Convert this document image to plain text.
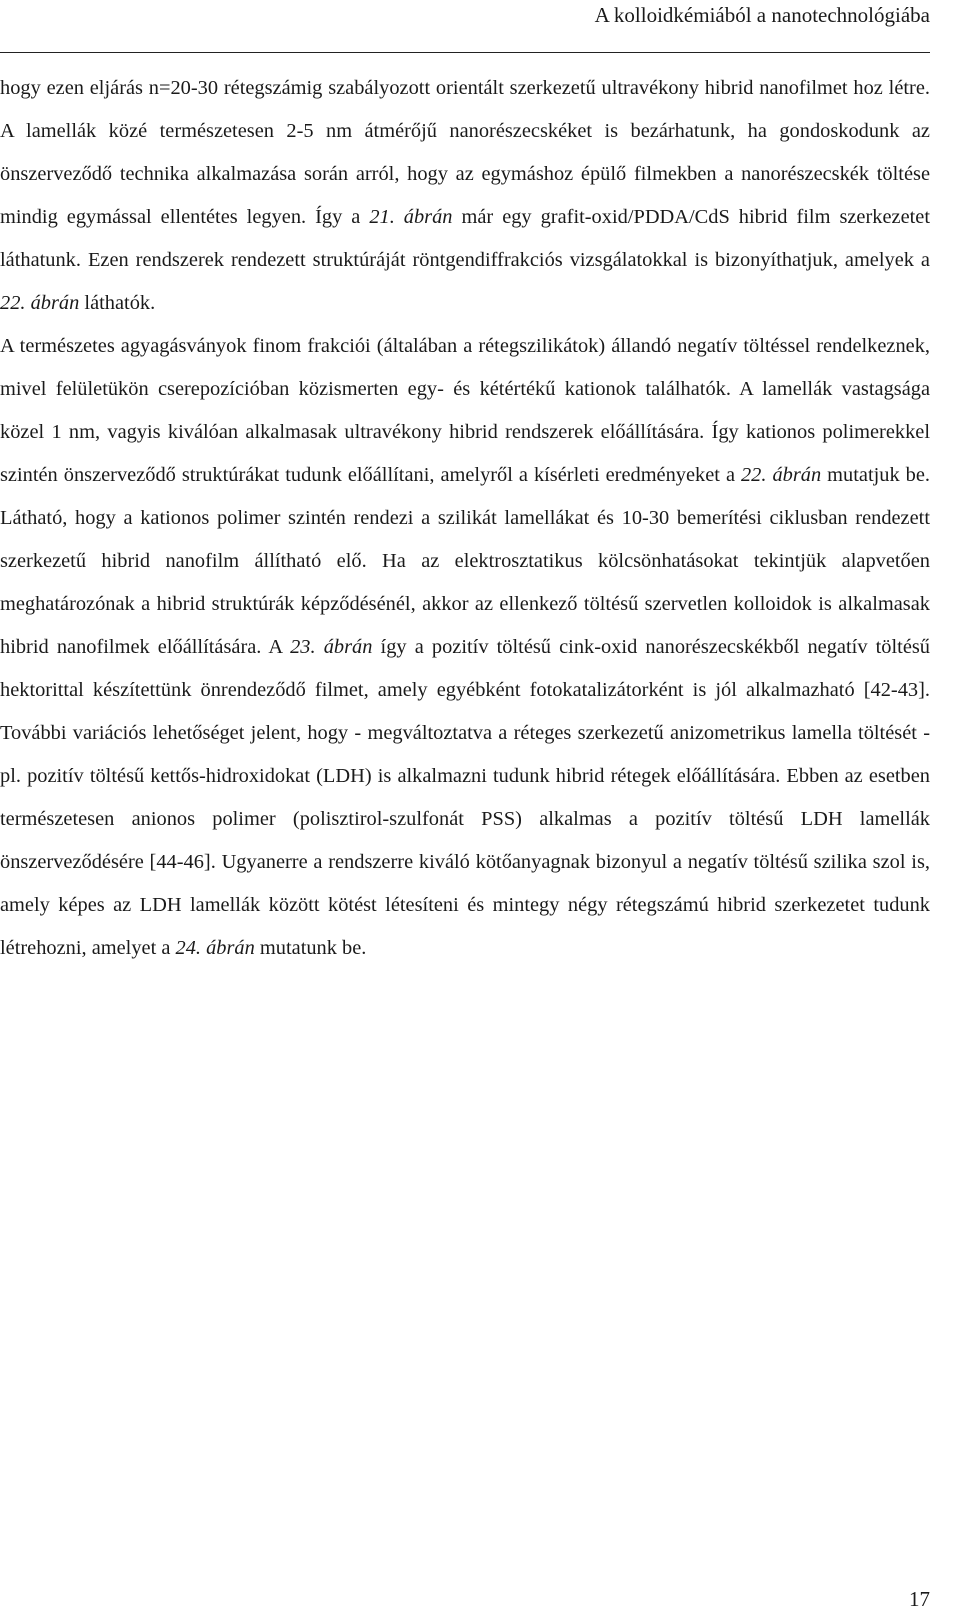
A kolloidkémiából a nanotechnológiába

hogy ezen eljárás n=20-30 rétegszámig szabályozott orientált szerkezetű ultravékony hibrid nanofilmet hoz létre. A lamellák közé természetesen 2-5 nm átmérőjű nanorészecskéket is bezárhatunk, ha gondoskodunk az önszerveződő technika alkalmazása során arról, hogy az egymáshoz épülő filmekben a nanorészecskék töltése mindig egymással ellentétes legyen. Így a 21. ábrán már egy grafit-oxid/PDDA/CdS hibrid film szerkezetet láthatunk. Ezen rendszerek rendezett struktúráját röntgendiffrakciós vizsgálatokkal is bizonyíthatjuk, amelyek a 22. ábrán láthatók.

A természetes agyagásványok finom frakciói (általában a rétegszilikátok) állandó negatív töltéssel rendelkeznek, mivel felületükön cserepozícióban közismerten egy- és kétértékű kationok találhatók. A lamellák vastagsága közel 1 nm, vagyis kiválóan alkalmasak ultravékony hibrid rendszerek előállítására. Így kationos polimerekkel szintén önszerveződő struktúrákat tudunk előállítani, amelyről a kísérleti eredményeket a 22. ábrán mutatjuk be. Látható, hogy a kationos polimer szintén rendezi a szilikát lamellákat és 10-30 bemerítési ciklusban rendezett szerkezetű hibrid nanofilm állítható elő. Ha az elektrosztatikus kölcsönhatásokat tekintjük alapvetően meghatározónak a hibrid struktúrák képződésénél, akkor az ellenkező töltésű szervetlen kolloidok is alkalmasak hibrid nanofilmek előállítására. A 23. ábrán így a pozitív töltésű cink-oxid nanorészecskékből negatív töltésű hektorittal készítettünk önrendeződő filmet, amely egyébként fotokatalizátorként is jól alkalmazható [42-43]. További variációs lehetőséget jelent, hogy - megváltoztatva a réteges szerkezetű anizometrikus lamella töltését - pl. pozitív töltésű kettős-hidroxidokat (LDH) is alkalmazni tudunk hibrid rétegek előállítására. Ebben az esetben természetesen anionos polimer (polisztirol-szulfonát PSS) alkalmas a pozitív töltésű LDH lamellák önszerveződésére [44-46]. Ugyanerre a rendszerre kiváló kötőanyagnak bizonyul a negatív töltésű szilika szol is, amely képes az LDH lamellák között kötést létesíteni és mintegy négy rétegszámú hibrid szerkezetet tudunk létrehozni, amelyet a 24. ábrán mutatunk be.

17
